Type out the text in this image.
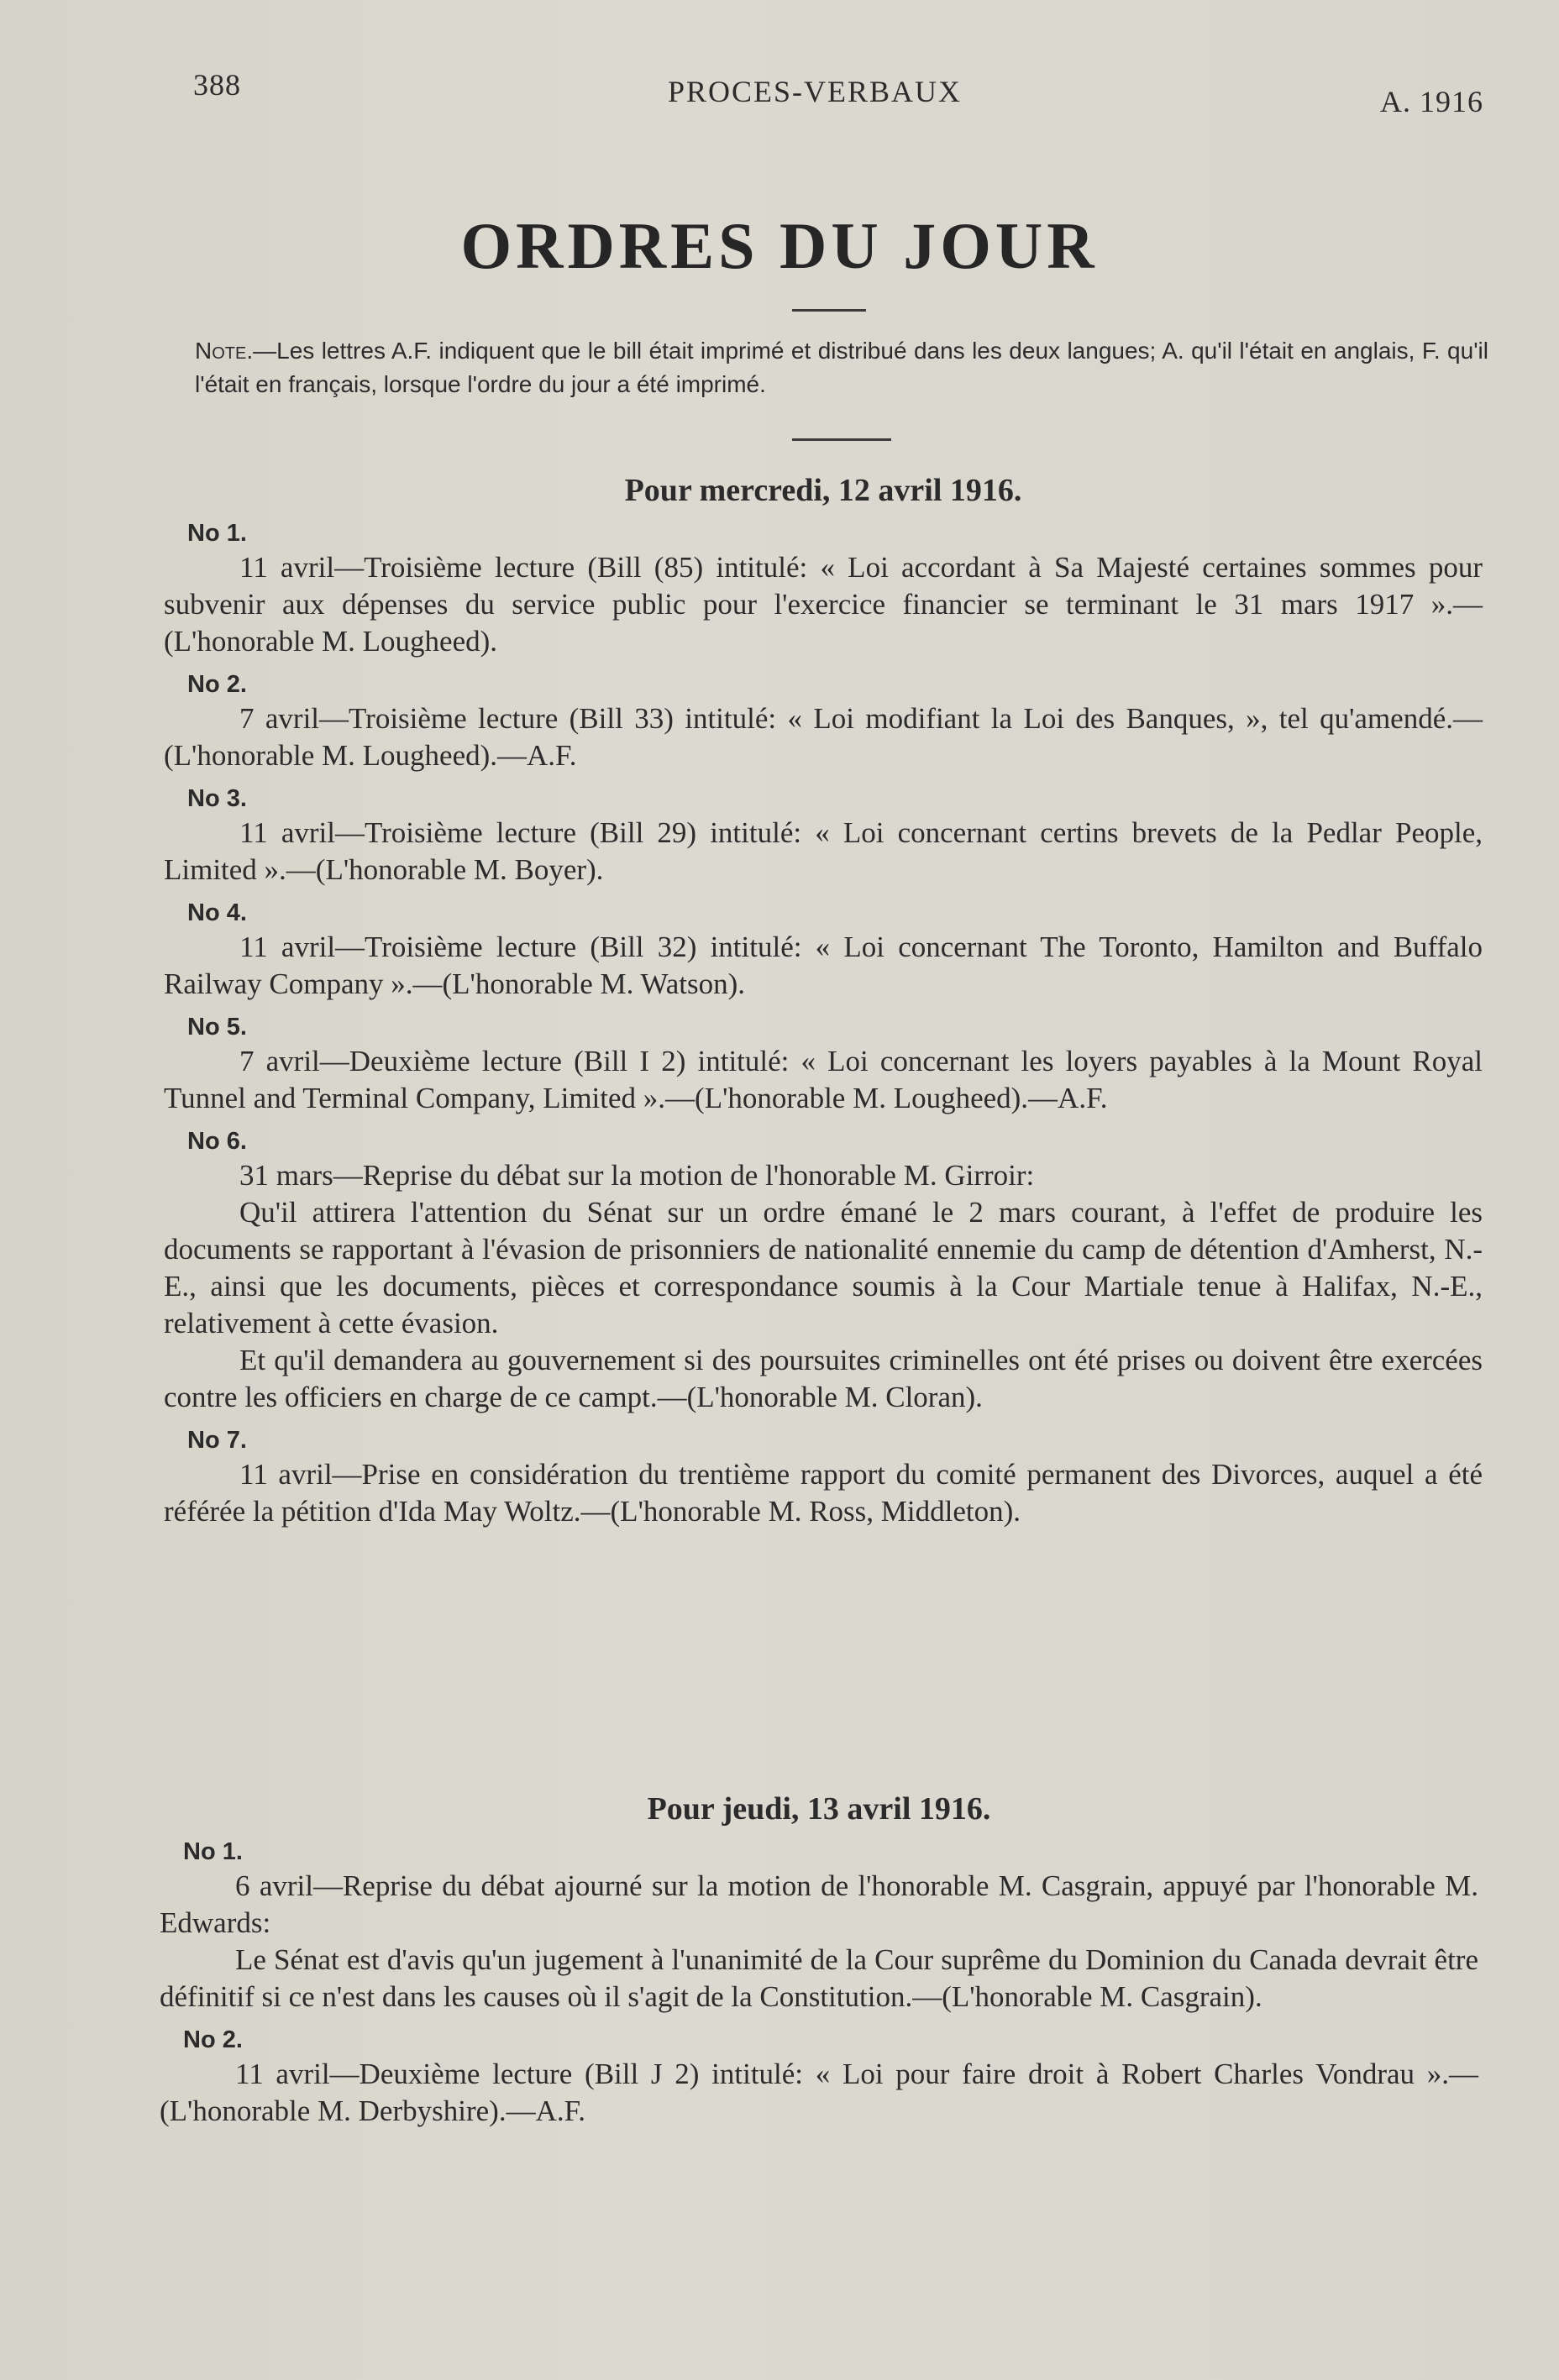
388	PROCES-VERBAUX	A. 1916
ORDRES DU JOUR
Note.—Les lettres A.F. indiquent que le bill était imprimé et distribué dans les deux langues; A. qu'il l'était en anglais, F. qu'il l'était en français, lorsque l'ordre du jour a été imprimé.
Pour mercredi, 12 avril 1916.
No 1.

11 avril—Troisième lecture (Bill (85) intitulé: « Loi accordant à Sa Majesté certaines sommes pour subvenir aux dépenses du service public pour l'exercice financier se terminant le 31 mars 1917 ».—(L'honorable M. Lougheed).

No 2.

7 avril—Troisième lecture (Bill 33) intitulé: « Loi modifiant la Loi des Banques, », tel qu'amendé.—(L'honorable M. Lougheed).—A.F.

No 3.

11 avril—Troisième lecture (Bill 29) intitulé: « Loi concernant certins brevets de la Pedlar People, Limited ».—(L'honorable M. Boyer).

No 4.

11 avril—Troisième lecture (Bill 32) intitulé: « Loi concernant The Toronto, Hamilton and Buffalo Railway Company ».—(L'honorable M. Watson).

No 5.

7 avril—Deuxième lecture (Bill I 2) intitulé: « Loi concernant les loyers payables à la Mount Royal Tunnel and Terminal Company, Limited ».—(L'honorable M. Lougheed).—A.F.

No 6.

31 mars—Reprise du débat sur la motion de l'honorable M. Girroir:

Qu'il attirera l'attention du Sénat sur un ordre émané le 2 mars courant, à l'effet de produire les documents se rapportant à l'évasion de prisonniers de nationalité ennemie du camp de détention d'Amherst, N.-E., ainsi que les documents, pièces et correspondance soumis à la Cour Martiale tenue à Halifax, N.-E., relativement à cette évasion.

Et qu'il demandera au gouvernement si des poursuites criminelles ont été prises ou doivent être exercées contre les officiers en charge de ce campt.—(L'honorable M. Cloran).

No 7.

11 avril—Prise en considération du trentième rapport du comité permanent des Divorces, auquel a été référée la pétition d'Ida May Woltz.—(L'honorable M. Ross, Middleton).

Pour jeudi, 13 avril 1916.
No 1.

6 avril—Reprise du débat ajourné sur la motion de l'honorable M. Casgrain, appuyé par l'honorable M. Edwards:

Le Sénat est d'avis qu'un jugement à l'unanimité de la Cour suprême du Dominion du Canada devrait être définitif si ce n'est dans les causes où il s'agit de la Constitution.—(L'honorable M. Casgrain).

No 2.

11 avril—Deuxième lecture (Bill J 2) intitulé: « Loi pour faire droit à Robert Charles Vondrau ».—(L'honorable M. Derbyshire).—A.F.
